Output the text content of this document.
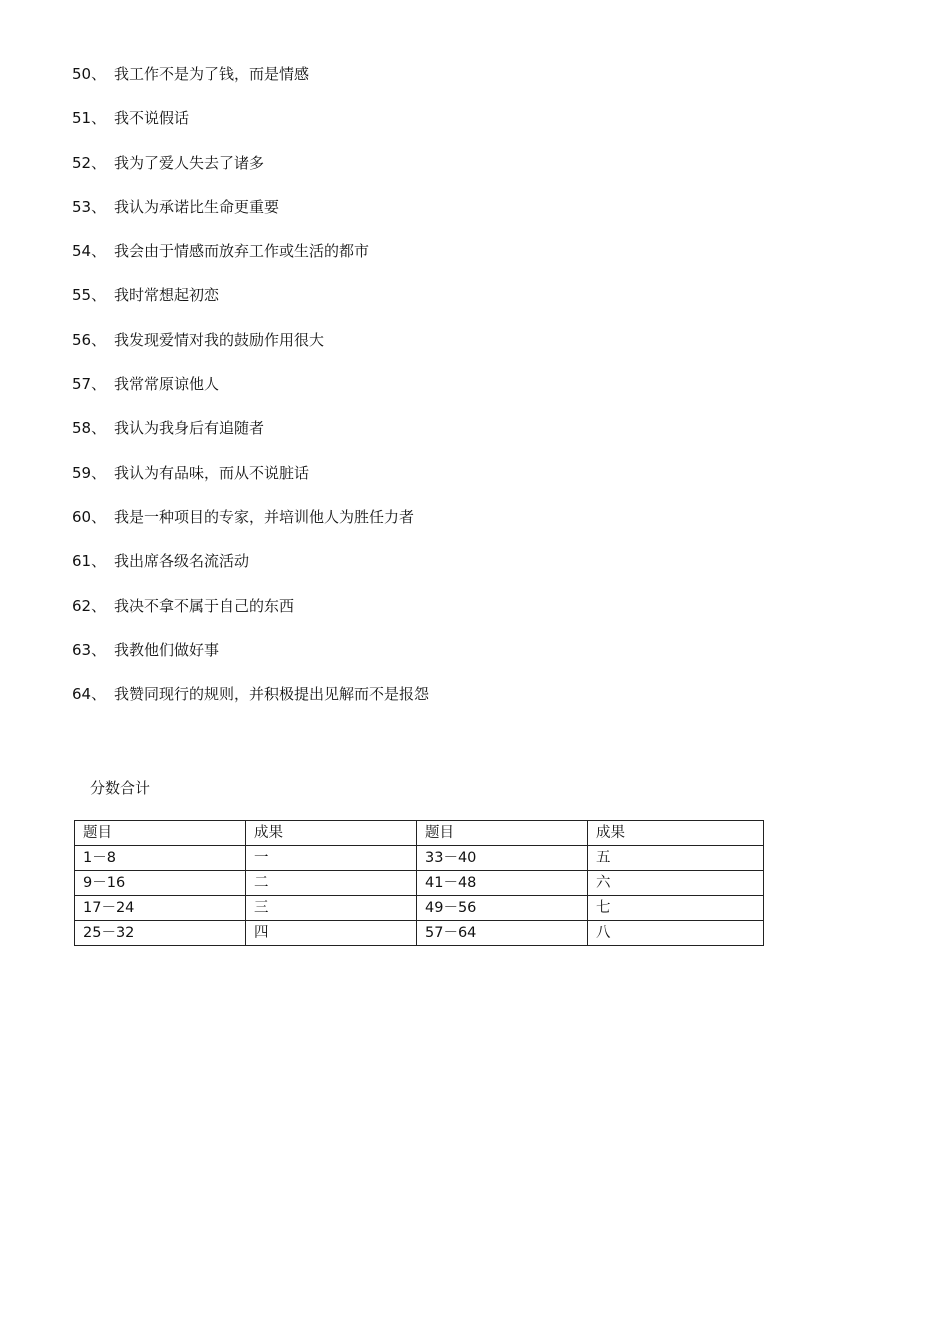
50、 我工作不是为了钱，而是情感
51、 我不说假话
52、 我为了爱人失去了诸多
53、 我认为承诺比生命更重要
54、 我会由于情感而放弃工作或生活的都市
55、 我时常想起初恋
56、 我发现爱情对我的鼓励作用很大
57、 我常常原谅他人
58、 我认为我身后有追随者
59、 我认为有品味，而从不说脏话
60、 我是一种项目的专家，并培训他人为胜任力者
61、 我出席各级名流活动
62、 我决不拿不属于自己的东西
63、 我教他们做好事
64、 我赞同现行的规则，并积极提出见解而不是报怨
分数合计
题目	成果	题目	成果
1－8	一	33－40	五
9－16	二	41－48	六
17－24	三	49－56	七
25－32	四	57－64	八
